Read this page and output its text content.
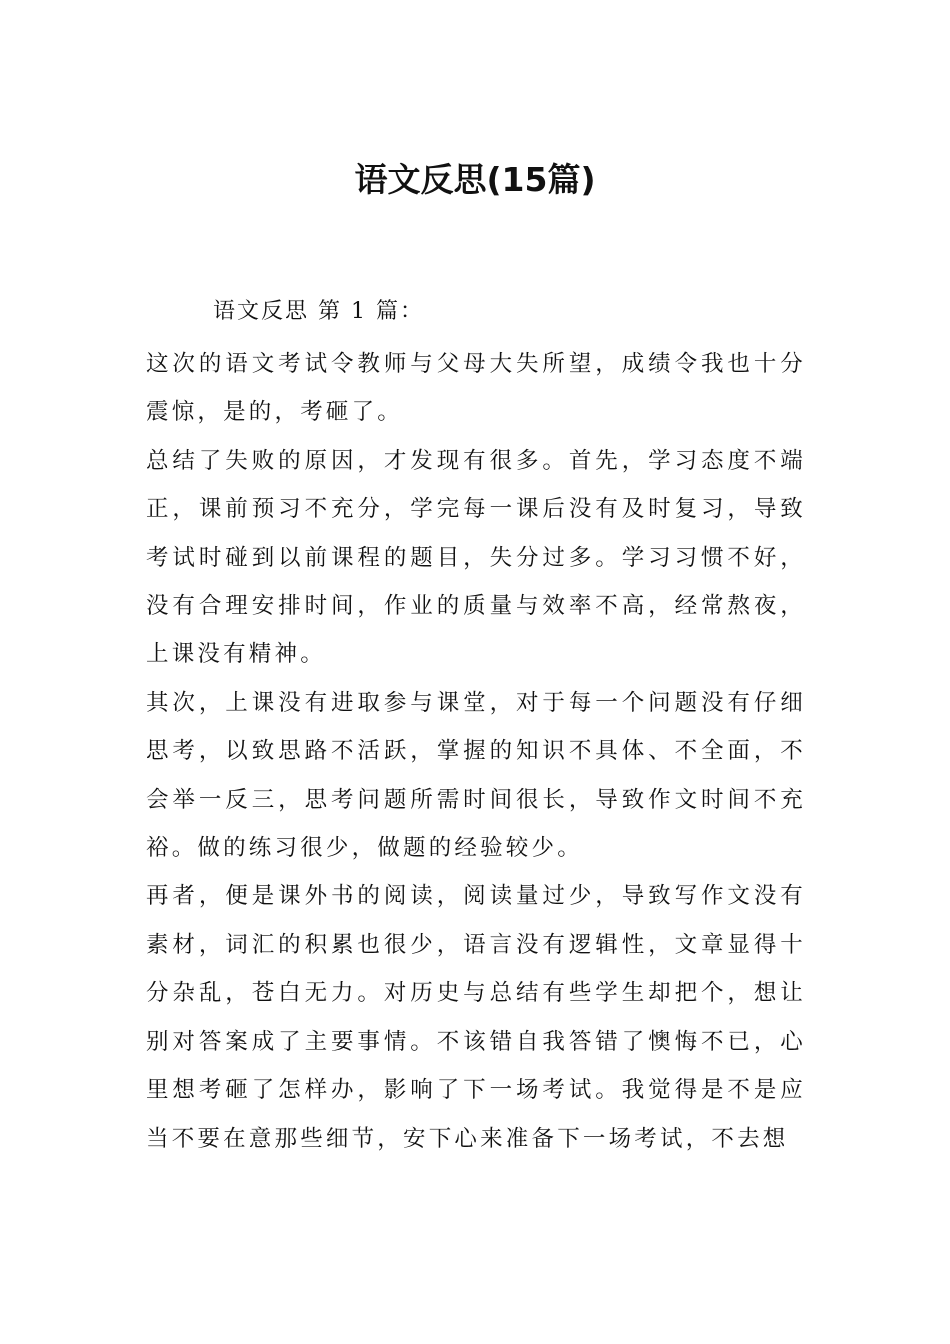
语文反思(15篇)
语文反思 第 1 篇：

这次的语文考试令教师与父母大失所望，成绩令我也十分震惊，是的，考砸了。

总结了失败的原因，才发现有很多。首先，学习态度不端正，课前预习不充分，学完每一课后没有及时复习，导致考试时碰到以前课程的题目，失分过多。学习习惯不好，没有合理安排时间，作业的质量与效率不高，经常熬夜，上课没有精神。

其次，上课没有进取参与课堂，对于每一个问题没有仔细思考，以致思路不活跃，掌握的知识不具体、不全面，不会举一反三，思考问题所需时间很长，导致作文时间不充裕。做的练习很少，做题的经验较少。

再者，便是课外书的阅读，阅读量过少，导致写作文没有素材，词汇的积累也很少，语言没有逻辑性，文章显得十分杂乱，苍白无力。对历史与总结有些学生却把个，想让别对答案成了主要事情。不该错自我答错了懊悔不已，心里想考砸了怎样办，影响了下一场考试。我觉得是不是应当不要在意那些细节，安下心来准备下一场考试，不去想
